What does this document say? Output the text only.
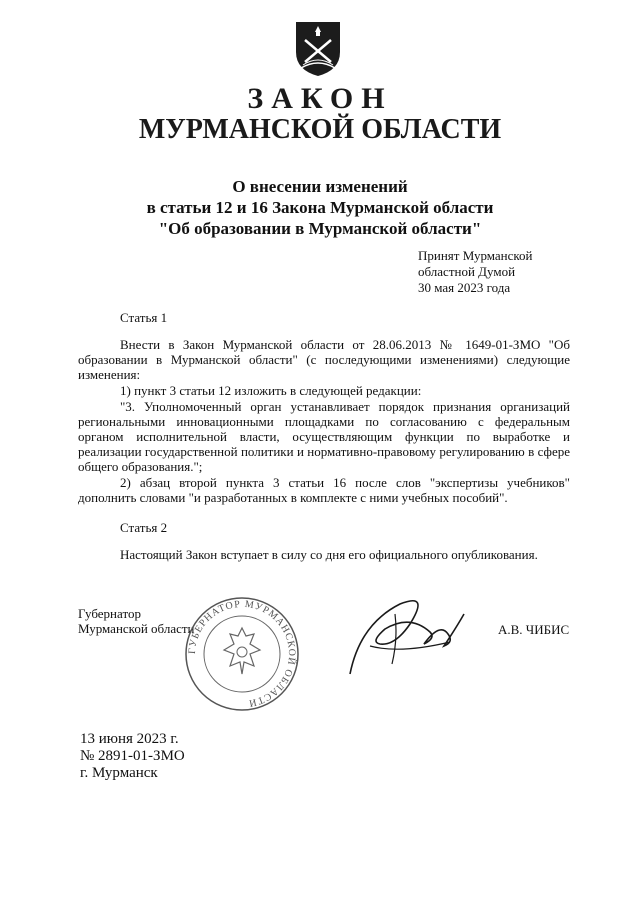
ЗАКОН
МУРМАНСКОЙ ОБЛАСТИ
О внесении изменений
в статьи 12 и 16 Закона Мурманской области
"Об образовании в Мурманской области"
Принят Мурманской
областной Думой
30 мая 2023 года
Статья 1
Внести в Закон Мурманской области от 28.06.2013 № 1649-01-ЗМО "Об образовании в Мурманской области" (с последующими изменениями) следующие изменения:
1) пункт 3 статьи 12 изложить в следующей редакции:
"3. Уполномоченный орган устанавливает порядок признания организаций региональными инновационными площадками по согласованию с федеральным органом исполнительной власти, осуществляющим функции по выработке и реализации государственной политики и нормативно-правовому регулированию в сфере общего образования.";
2) абзац второй пункта 3 статьи 16 после слов "экспертизы учебников" дополнить словами "и разработанных в комплекте с ними учебных пособий".
Статья 2
Настоящий Закон вступает в силу со дня его официального опубликования.
Губернатор
Мурманской области
ГУБЕРНАТОР МУРМАНСКОЙ ОБЛАСТИ
А.В. ЧИБИС
13 июня 2023 г.
№ 2891-01-ЗМО
г. Мурманск
